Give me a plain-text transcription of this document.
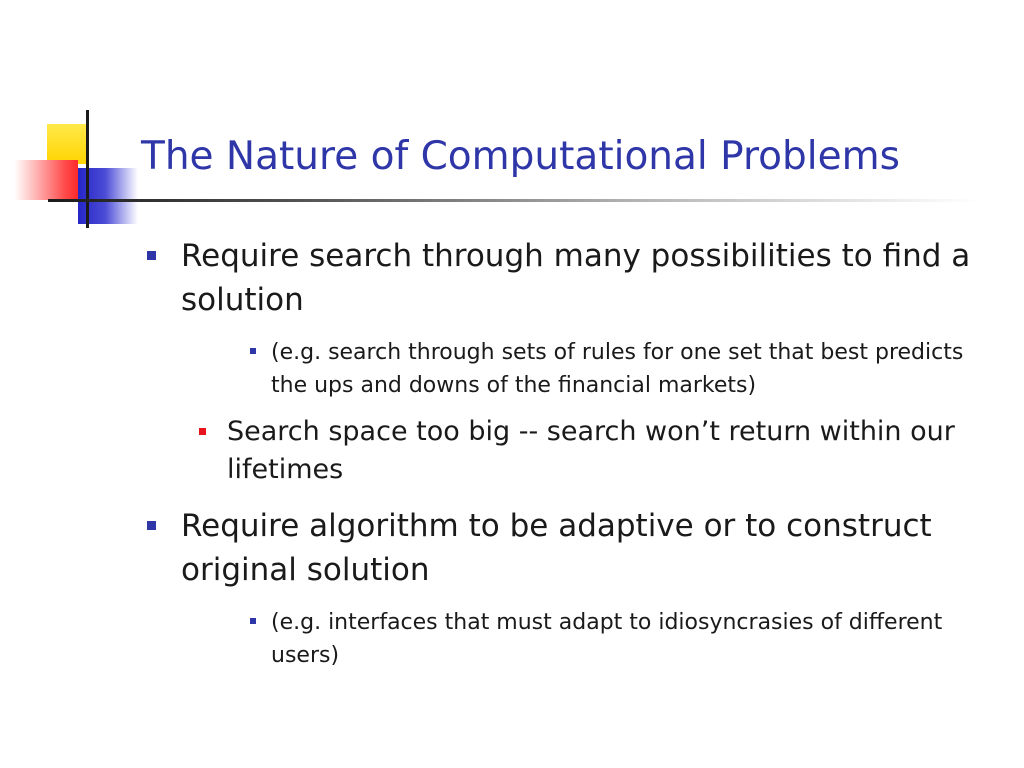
The Nature of Computational Problems
Require search through many possibilities to find a solution
(e.g. search through sets of rules for one set that best predicts the ups and downs of the financial markets)
Search space too big -- search won’t return within our lifetimes
Require algorithm to be adaptive or to construct original solution
(e.g. interfaces that must adapt to idiosyncrasies of different users)
